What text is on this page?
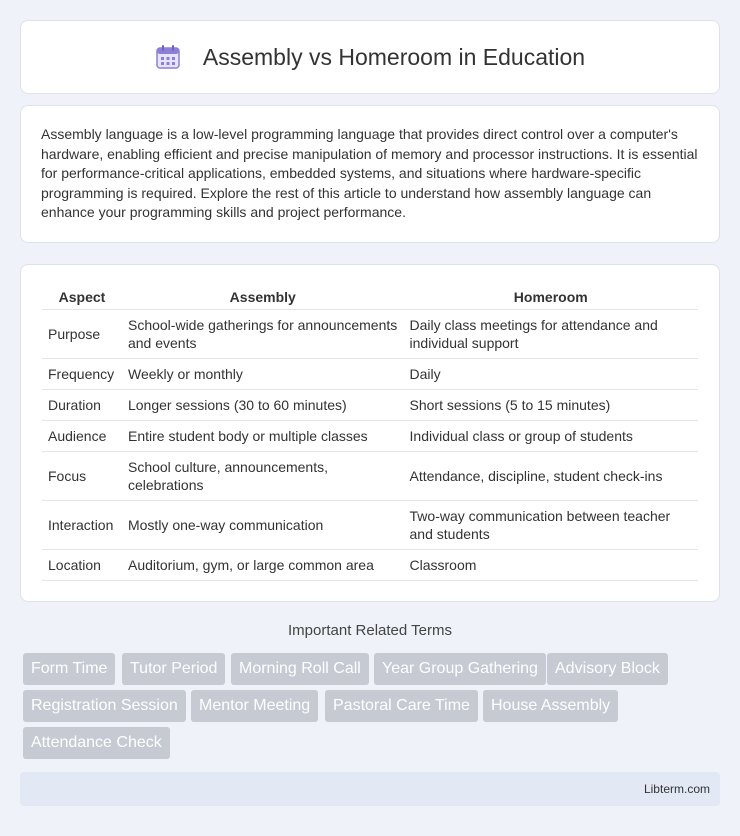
Assembly vs Homeroom in Education

Assembly language is a low-level programming language that provides direct control over a computer's hardware, enabling efficient and precise manipulation of memory and processor instructions. It is essential for performance-critical applications, embedded systems, and situations where hardware-specific programming is required. Explore the rest of this article to understand how assembly language can enhance your programming skills and project performance.

Aspect	Assembly	Homeroom
Purpose	School-wide gatherings for announcements and events	Daily class meetings for attendance and individual support
Frequency	Weekly or monthly	Daily
Duration	Longer sessions (30 to 60 minutes)	Short sessions (5 to 15 minutes)
Audience	Entire student body or multiple classes	Individual class or group of students
Focus	School culture, announcements, celebrations	Attendance, discipline, student check-ins
Interaction	Mostly one-way communication	Two-way communication between teacher and students
Location	Auditorium, gym, or large common area	Classroom
Important Related Terms
Form Time	Tutor Period	Morning Roll Call	Year Group Gathering	Advisory Block
Registration Session	Mentor Meeting	Pastoral Care Time	House Assembly
Attendance Check
Libterm.com
